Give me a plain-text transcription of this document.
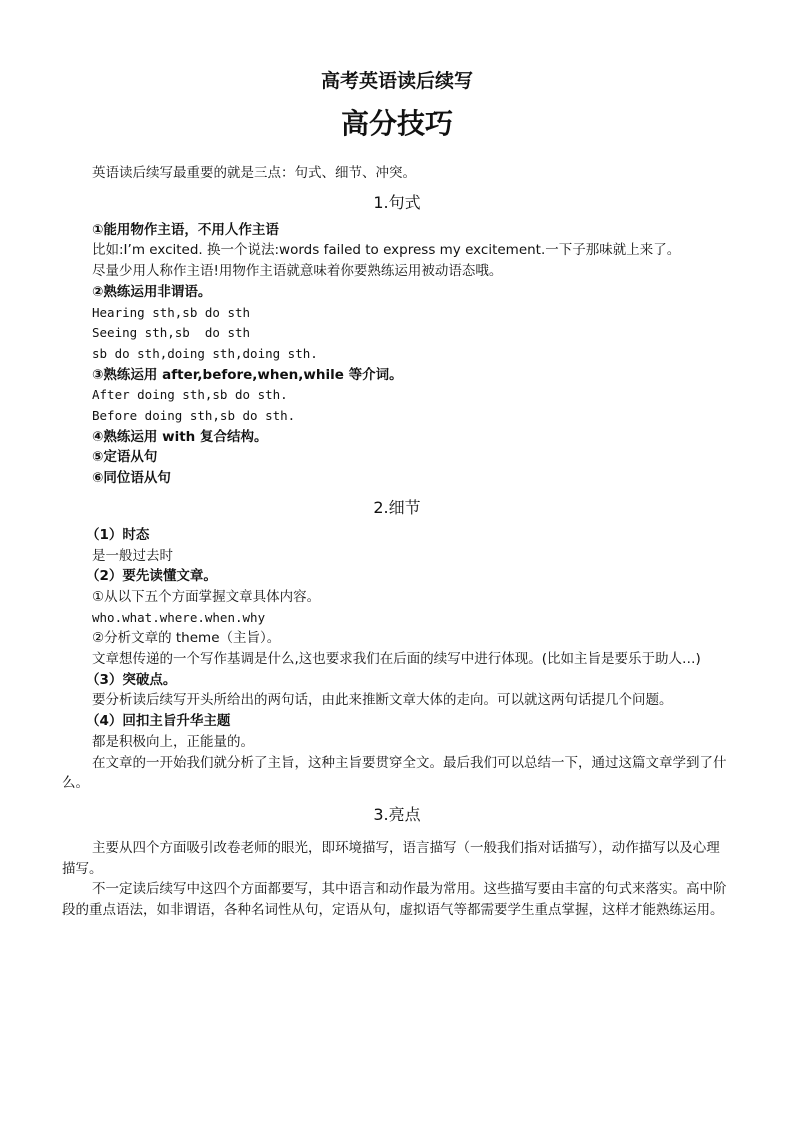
高考英语读后续写
高分技巧

英语读后续写最重要的就是三点：句式、细节、冲突。

1.句式

①能用物作主语，不用人作主语

比如:I’m excited. 换一个说法:words failed to express my excitement.一下子那味就上来了。

尽量少用人称作主语!用物作主语就意味着你要熟练运用被动语态哦。

②熟练运用非谓语。

Hearing sth,sb do sth

Seeing sth,sb  do sth

sb do sth,doing sth,doing sth.

③熟练运用 after,before,when,while 等介词。

After doing sth,sb do sth.

Before doing sth,sb do sth.

④熟练运用 with 复合结构。

⑤定语从句

⑥同位语从句

2.细节

（1）时态

是一般过去时

（2）要先读懂文章。

①从以下五个方面掌握文章具体内容。

who.what.where.when.why

②分析文章的 theme（主旨）。

文章想传递的一个写作基调是什么,这也要求我们在后面的续写中进行体现。(比如主旨是要乐于助人…)

（3）突破点。

要分析读后续写开头所给出的两句话，由此来推断文章大体的走向。可以就这两句话提几个问题。

（4）回扣主旨升华主题

都是积极向上，正能量的。

在文章的一开始我们就分析了主旨，这种主旨要贯穿全文。最后我们可以总结一下，通过这篇文章学到了什么。

3.亮点

主要从四个方面吸引改卷老师的眼光，即环境描写，语言描写（一般我们指对话描写），动作描写以及心理描写。

不一定读后续写中这四个方面都要写，其中语言和动作最为常用。这些描写要由丰富的句式来落实。高中阶段的重点语法，如非谓语，各种名词性从句，定语从句，虚拟语气等都需要学生重点掌握，这样才能熟练运用。
